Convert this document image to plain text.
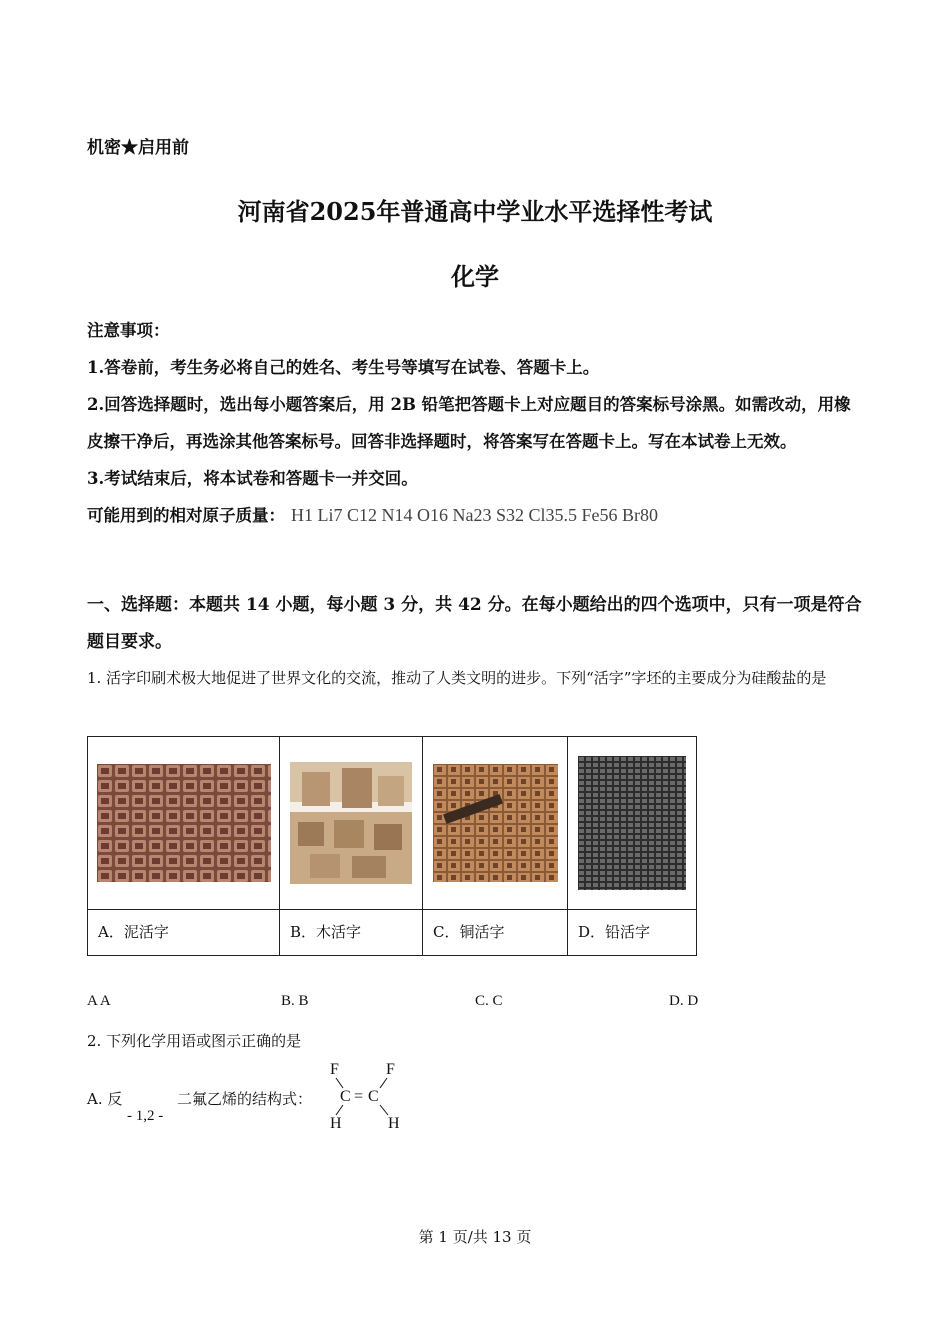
机密★启用前
河南省2025年普通高中学业水平选择性考试
化学

注意事项：

1.答卷前，考生务必将自己的姓名、考生号等填写在试卷、答题卡上。

2.回答选择题时，选出每小题答案后，用 2B 铅笔把答题卡上对应题目的答案标号涂黑。如需改动，用橡皮擦干净后，再选涂其他答案标号。回答非选择题时，将答案写在答题卡上。写在本试卷上无效。

3.考试结束后，将本试卷和答题卡一并交回。

可能用到的相对原子质量： H1 Li7 C12 N14 O16 Na23 S32 Cl35.5 Fe56 Br80

一、选择题：本题共 14 小题，每小题 3 分，共 42 分。在每小题给出的四个选项中，只有一项是符合题目要求。
1. 活字印刷术极大地促进了世界文化的交流，推动了人类文明的进步。下列“活字”字坯的主要成分为硅酸盐的是

A．泥活字	B．木活字	C．铜活字	D．铅活字
A A	B. B	C. C	D. D
2. 下列化学用语或图示正确的是
A. 反
- 1,2 -
二氟乙烯的结构式：
F	F
C = C
H	H
第 1 页/共 13 页
